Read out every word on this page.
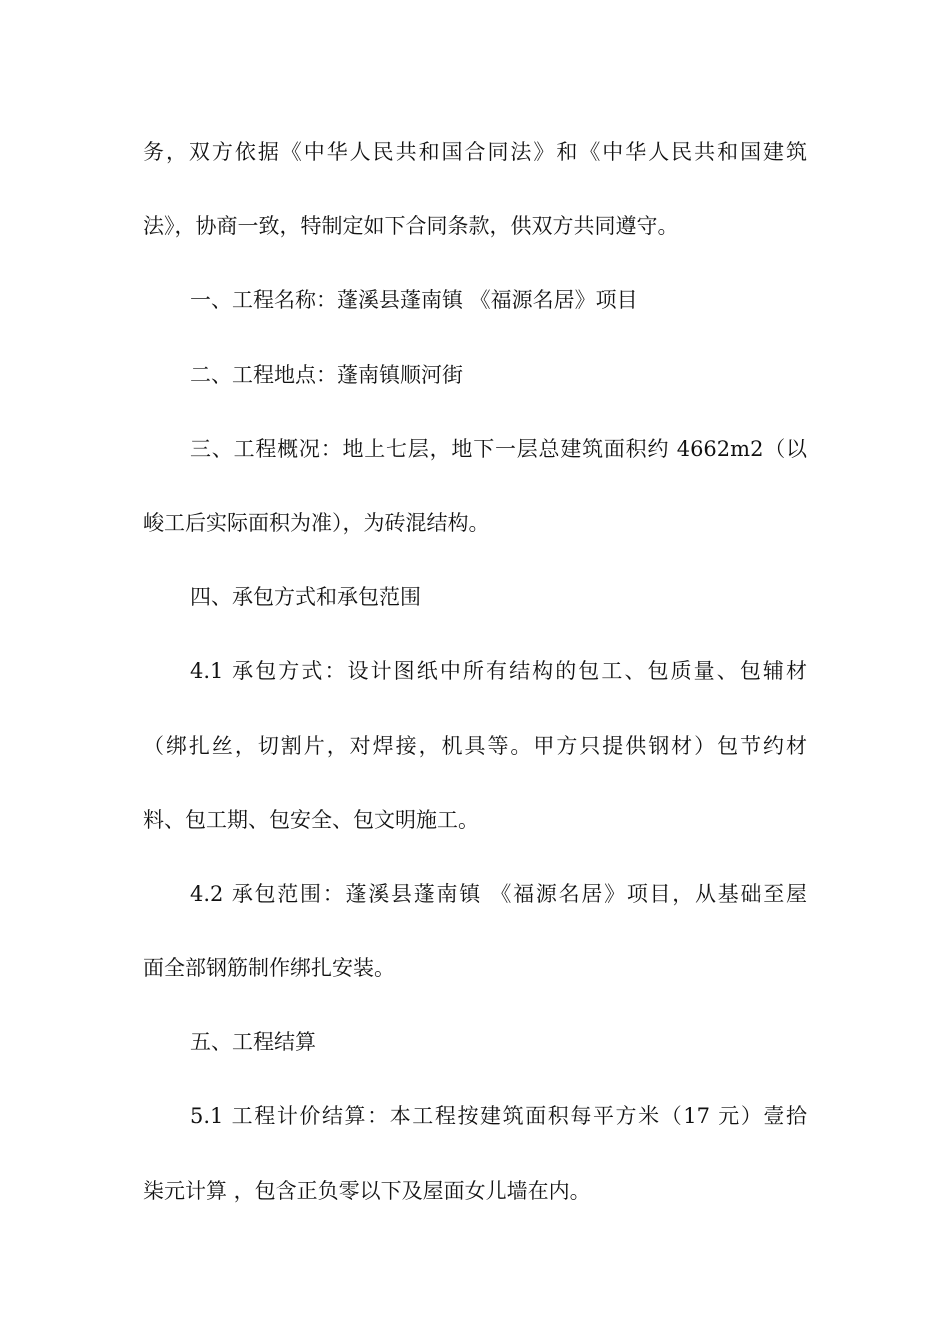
务，双方依据《中华人民共和国合同法》和《中华人民共和国建筑
法》，协商一致，特制定如下合同条款，供双方共同遵守。
一、工程名称：蓬溪县蓬南镇 《福源名居》项目
二、工程地点：蓬南镇顺河街
三、工程概况：地上七层，地下一层总建筑面积约 4662m2（以
峻工后实际面积为准），为砖混结构。
四、承包方式和承包范围
4.1 承包方式：设计图纸中所有结构的包工、包质量、包辅材
（绑扎丝，切割片，对焊接，机具等。甲方只提供钢材）包节约材
料、包工期、包安全、包文明施工。
4.2 承包范围：蓬溪县蓬南镇 《福源名居》项目，从基础至屋
面全部钢筋制作绑扎安装。
五、工程结算
5.1 工程计价结算：本工程按建筑面积每平方米（17 元）壹拾
柒元计算 ，包含正负零以下及屋面女儿墙在内。
